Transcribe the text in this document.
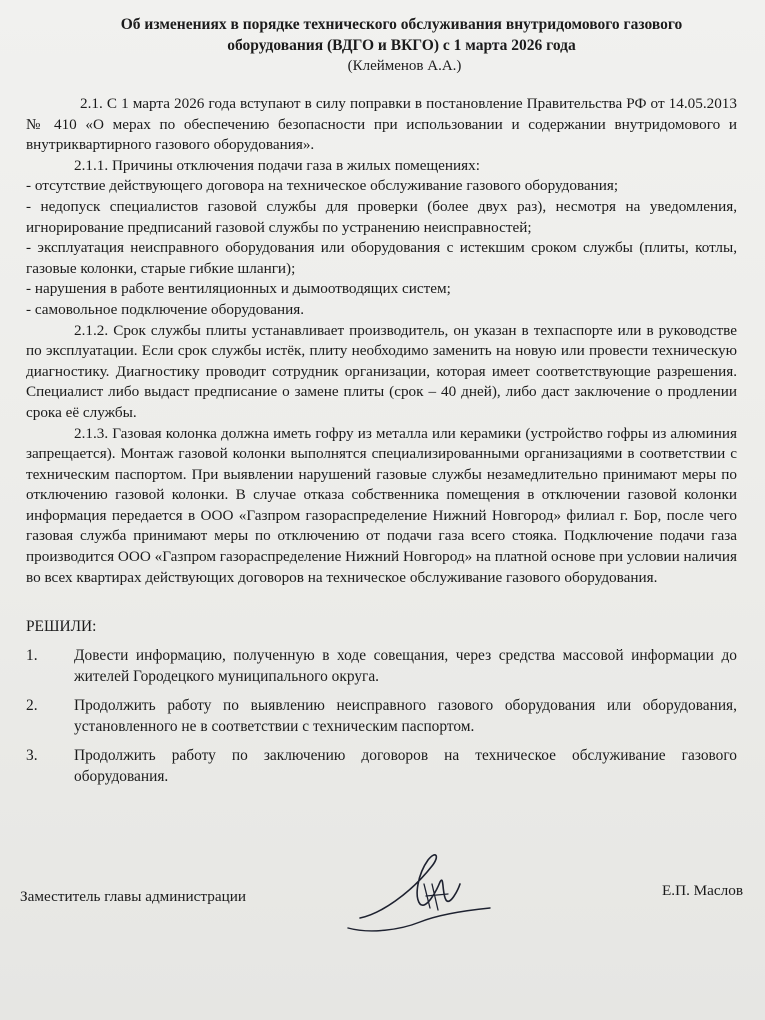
Об изменениях в порядке технического обслуживания внутридомового газового
оборудования (ВДГО и ВКГО) с 1 марта 2026 года
(Клейменов А.А.)

2.1. С 1 марта 2026 года вступают в силу поправки в постановление Правительства РФ от 14.05.2013 № 410 «О мерах по обеспечению безопасности при использовании и содержании внутридомового и внутриквартирного газового оборудования».

2.1.1. Причины отключения подачи газа в жилых помещениях:

- отсутствие действующего договора на техническое обслуживание газового оборудования;

- недопуск специалистов газовой службы для проверки (более двух раз), несмотря на уведомления, игнорирование предписаний газовой службы по устранению неисправностей;

- эксплуатация неисправного оборудования или оборудования с истекшим сроком службы (плиты, котлы, газовые колонки, старые гибкие шланги);

- нарушения в работе вентиляционных и дымоотводящих систем;

- самовольное подключение оборудования.

2.1.2. Срок службы плиты устанавливает производитель, он указан в техпаспорте или в руководстве по эксплуатации. Если срок службы истёк, плиту необходимо заменить на новую или провести техническую диагностику. Диагностику проводит сотрудник организации, которая имеет соответствующие разрешения. Специалист либо выдаст предписание о замене плиты (срок – 40 дней), либо даст заключение о продлении срока её службы.

2.1.3. Газовая колонка должна иметь гофру из металла или керамики (устройство гофры из алюминия запрещается). Монтаж газовой колонки выполнятся специализированными организациями в соответствии с техническим паспортом. При выявлении нарушений газовые службы незамедлительно принимают меры по отключению газовой колонки. В случае отказа собственника помещения в отключении газовой колонки информация передается в ООО «Газпром газораспределение Нижний Новгород» филиал г. Бор, после чего газовая служба принимают меры по отключению от подачи газа всего стояка. Подключение подачи газа производится ООО «Газпром газораспределение Нижний Новгород» на платной основе при условии наличия во всех квартирах действующих договоров на техническое обслуживание газового оборудования.

РЕШИЛИ:
1.	Довести информацию, полученную в ходе совещания, через средства массовой информации до жителей Городецкого муниципального округа.
2.	Продолжить работу по выявлению неисправного газового оборудования или оборудования, установленного не в соответствии с техническим паспортом.
3.	Продолжить работу по заключению договоров на техническое обслуживание газового оборудования.
Заместитель главы администрации	Е.П. Маслов
